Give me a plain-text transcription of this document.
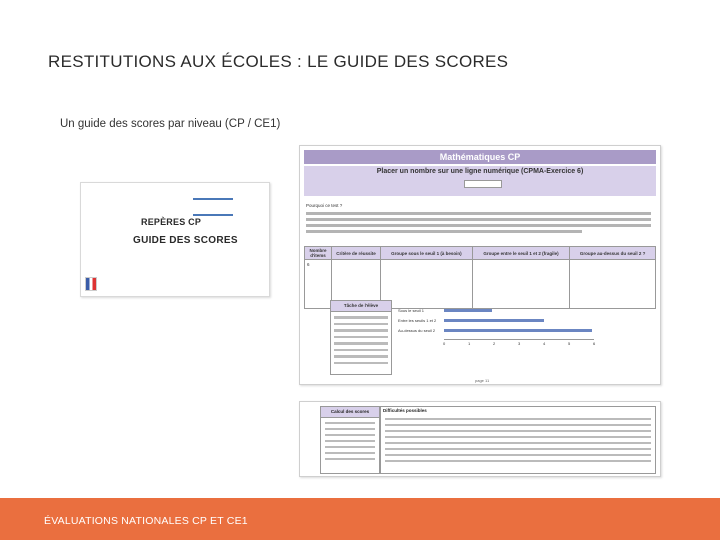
RESTITUTIONS AUX ÉCOLES : LE GUIDE DES SCORES
Un guide des scores par niveau (CP / CE1)
REPÈRES CP
GUIDE DES SCORES
Mathématiques CP
Placer un nombre sur une ligne numérique (CPMA-Exercice 6)
Pourquoi ce test ?
Nombre d'items	Critère de réussite	Groupe sous le seuil 1 (à besoin)	Groupe entre le seuil 1 et 2 (fragile)	Groupe au-dessus du seuil 2 ?
6				
Tâche de l'élève
Sous le seuil 1
Entre les seuils 1 et 2
Au-dessus du seuil 2
0	1	2	3	4	5	6
page 11
Calcul des scores	Difficultés possibles
ÉVALUATIONS NATIONALES CP ET CE1
